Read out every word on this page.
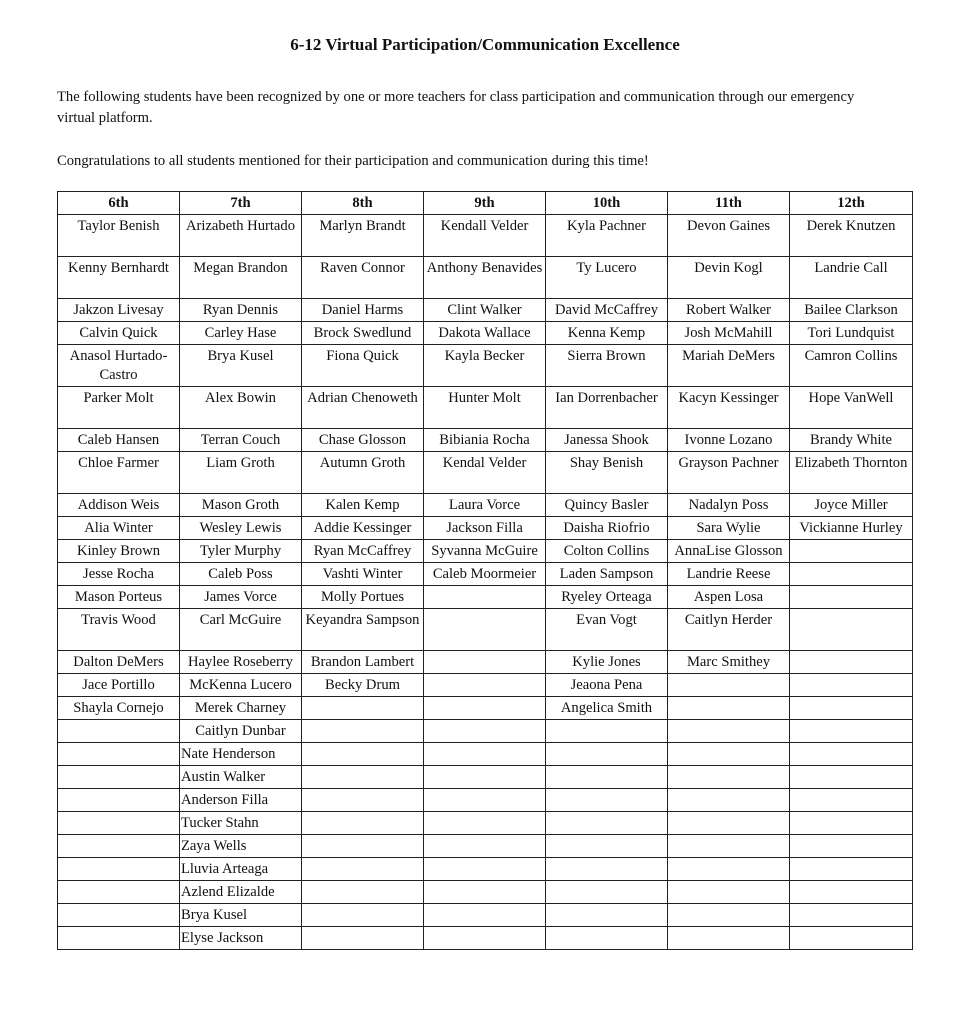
6-12 Virtual Participation/Communication Excellence

The following students have been recognized by one or more teachers for class participation and communication through our emergency virtual platform.

Congratulations to all students mentioned for their participation and communication during this time!

6th	7th	8th	9th	10th	11th	12th
Taylor Benish	Arizabeth Hurtado	Marlyn Brandt	Kendall Velder	Kyla Pachner	Devon Gaines	Derek Knutzen
Kenny Bernhardt	Megan Brandon	Raven Connor	Anthony Benavides	Ty Lucero	Devin Kogl	Landrie Call
Jakzon Livesay	Ryan Dennis	Daniel Harms	Clint Walker	David McCaffrey	Robert Walker	Bailee Clarkson
Calvin Quick	Carley Hase	Brock Swedlund	Dakota Wallace	Kenna Kemp	Josh McMahill	Tori Lundquist
Anasol Hurtado-Castro	Brya Kusel	Fiona Quick	Kayla Becker	Sierra Brown	Mariah DeMers	Camron Collins
Parker Molt	Alex Bowin	Adrian Chenoweth	Hunter Molt	Ian Dorrenbacher	Kacyn Kessinger	Hope VanWell
Caleb Hansen	Terran Couch	Chase Glosson	Bibiania Rocha	Janessa Shook	Ivonne Lozano	Brandy White
Chloe Farmer	Liam Groth	Autumn Groth	Kendal Velder	Shay Benish	Grayson Pachner	Elizabeth Thornton
Addison Weis	Mason Groth	Kalen Kemp	Laura Vorce	Quincy Basler	Nadalyn Poss	Joyce Miller
Alia Winter	Wesley Lewis	Addie Kessinger	Jackson Filla	Daisha Riofrio	Sara Wylie	Vickianne Hurley
Kinley Brown	Tyler Murphy	Ryan McCaffrey	Syvanna McGuire	Colton Collins	AnnaLise Glosson	
Jesse Rocha	Caleb Poss	Vashti Winter	Caleb Moormeier	Laden Sampson	Landrie Reese	
Mason Porteus	James Vorce	Molly Portues		Ryeley Orteaga	Aspen Losa	
Travis Wood	Carl McGuire	Keyandra Sampson		Evan Vogt	Caitlyn Herder	
Dalton DeMers	Haylee Roseberry	Brandon Lambert		Kylie Jones	Marc Smithey	
Jace Portillo	McKenna Lucero	Becky Drum		Jeaona Pena		
Shayla Cornejo	Merek Charney			Angelica Smith		
	Caitlyn Dunbar					
	Nate Henderson					
	Austin Walker					
	Anderson Filla					
	Tucker Stahn					
	Zaya Wells					
	Lluvia Arteaga					
	Azlend Elizalde					
	Brya Kusel					
	Elyse Jackson					
